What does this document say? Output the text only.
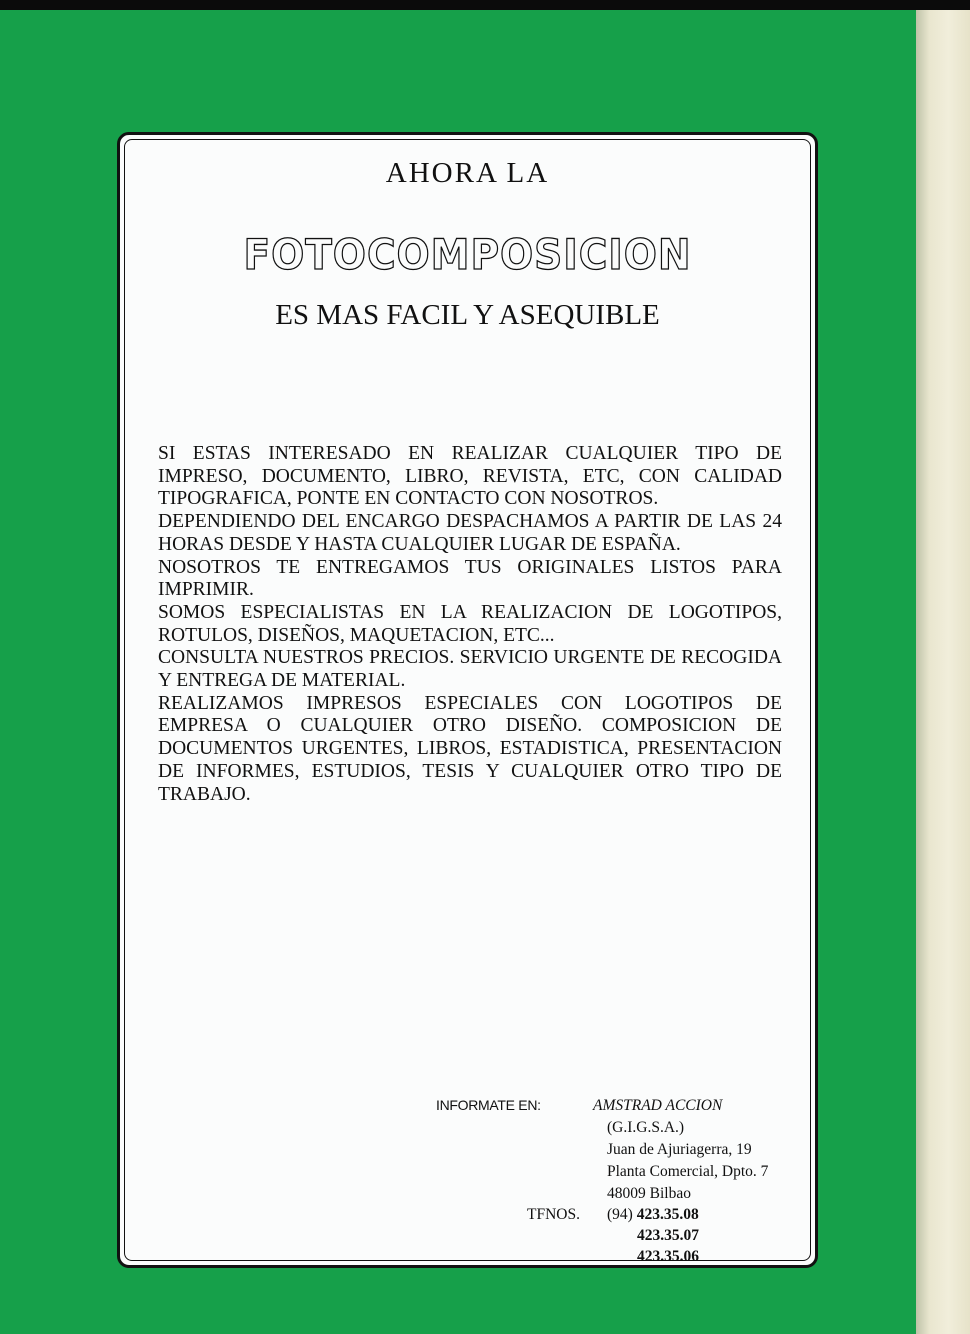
AHORA LA
FOTOCOMPOSICION
ES MAS FACIL Y ASEQUIBLE

SI ESTAS INTERESADO EN REALIZAR CUALQUIER TIPO DE IMPRESO, DOCUMENTO, LIBRO, REVISTA, ETC, CON CALIDAD TIPOGRAFICA, PONTE EN CONTACTO CON NOSOTROS.

DEPENDIENDO DEL ENCARGO DESPACHAMOS A PARTIR DE LAS 24 HORAS DESDE Y HASTA CUALQUIER LUGAR DE ESPAÑA.

NOSOTROS TE ENTREGAMOS TUS ORIGINALES LISTOS PARA IMPRIMIR.

SOMOS ESPECIALISTAS EN LA REALIZACION DE LOGOTIPOS, ROTULOS, DISEÑOS, MAQUETACION, ETC...

CONSULTA NUESTROS PRECIOS. SERVICIO URGENTE DE RECOGIDA Y ENTREGA DE MATERIAL.

REALIZAMOS IMPRESOS ESPECIALES CON LOGOTIPOS DE EMPRESA O CUALQUIER OTRO DISEÑO. COMPOSICION DE DOCUMENTOS URGENTES, LIBROS, ESTADISTICA, PRESENTACION DE INFORMES, ESTUDIOS, TESIS Y CUALQUIER OTRO TIPO DE TRABAJO.

INFORMATE EN:	AMSTRAD ACCION
(G.I.G.S.A.)
Juan de Ajuriagerra, 19
Planta Comercial, Dpto. 7
48009 Bilbao
TFNOS. (94) 423.35.08
423.35.07
423.35.06
